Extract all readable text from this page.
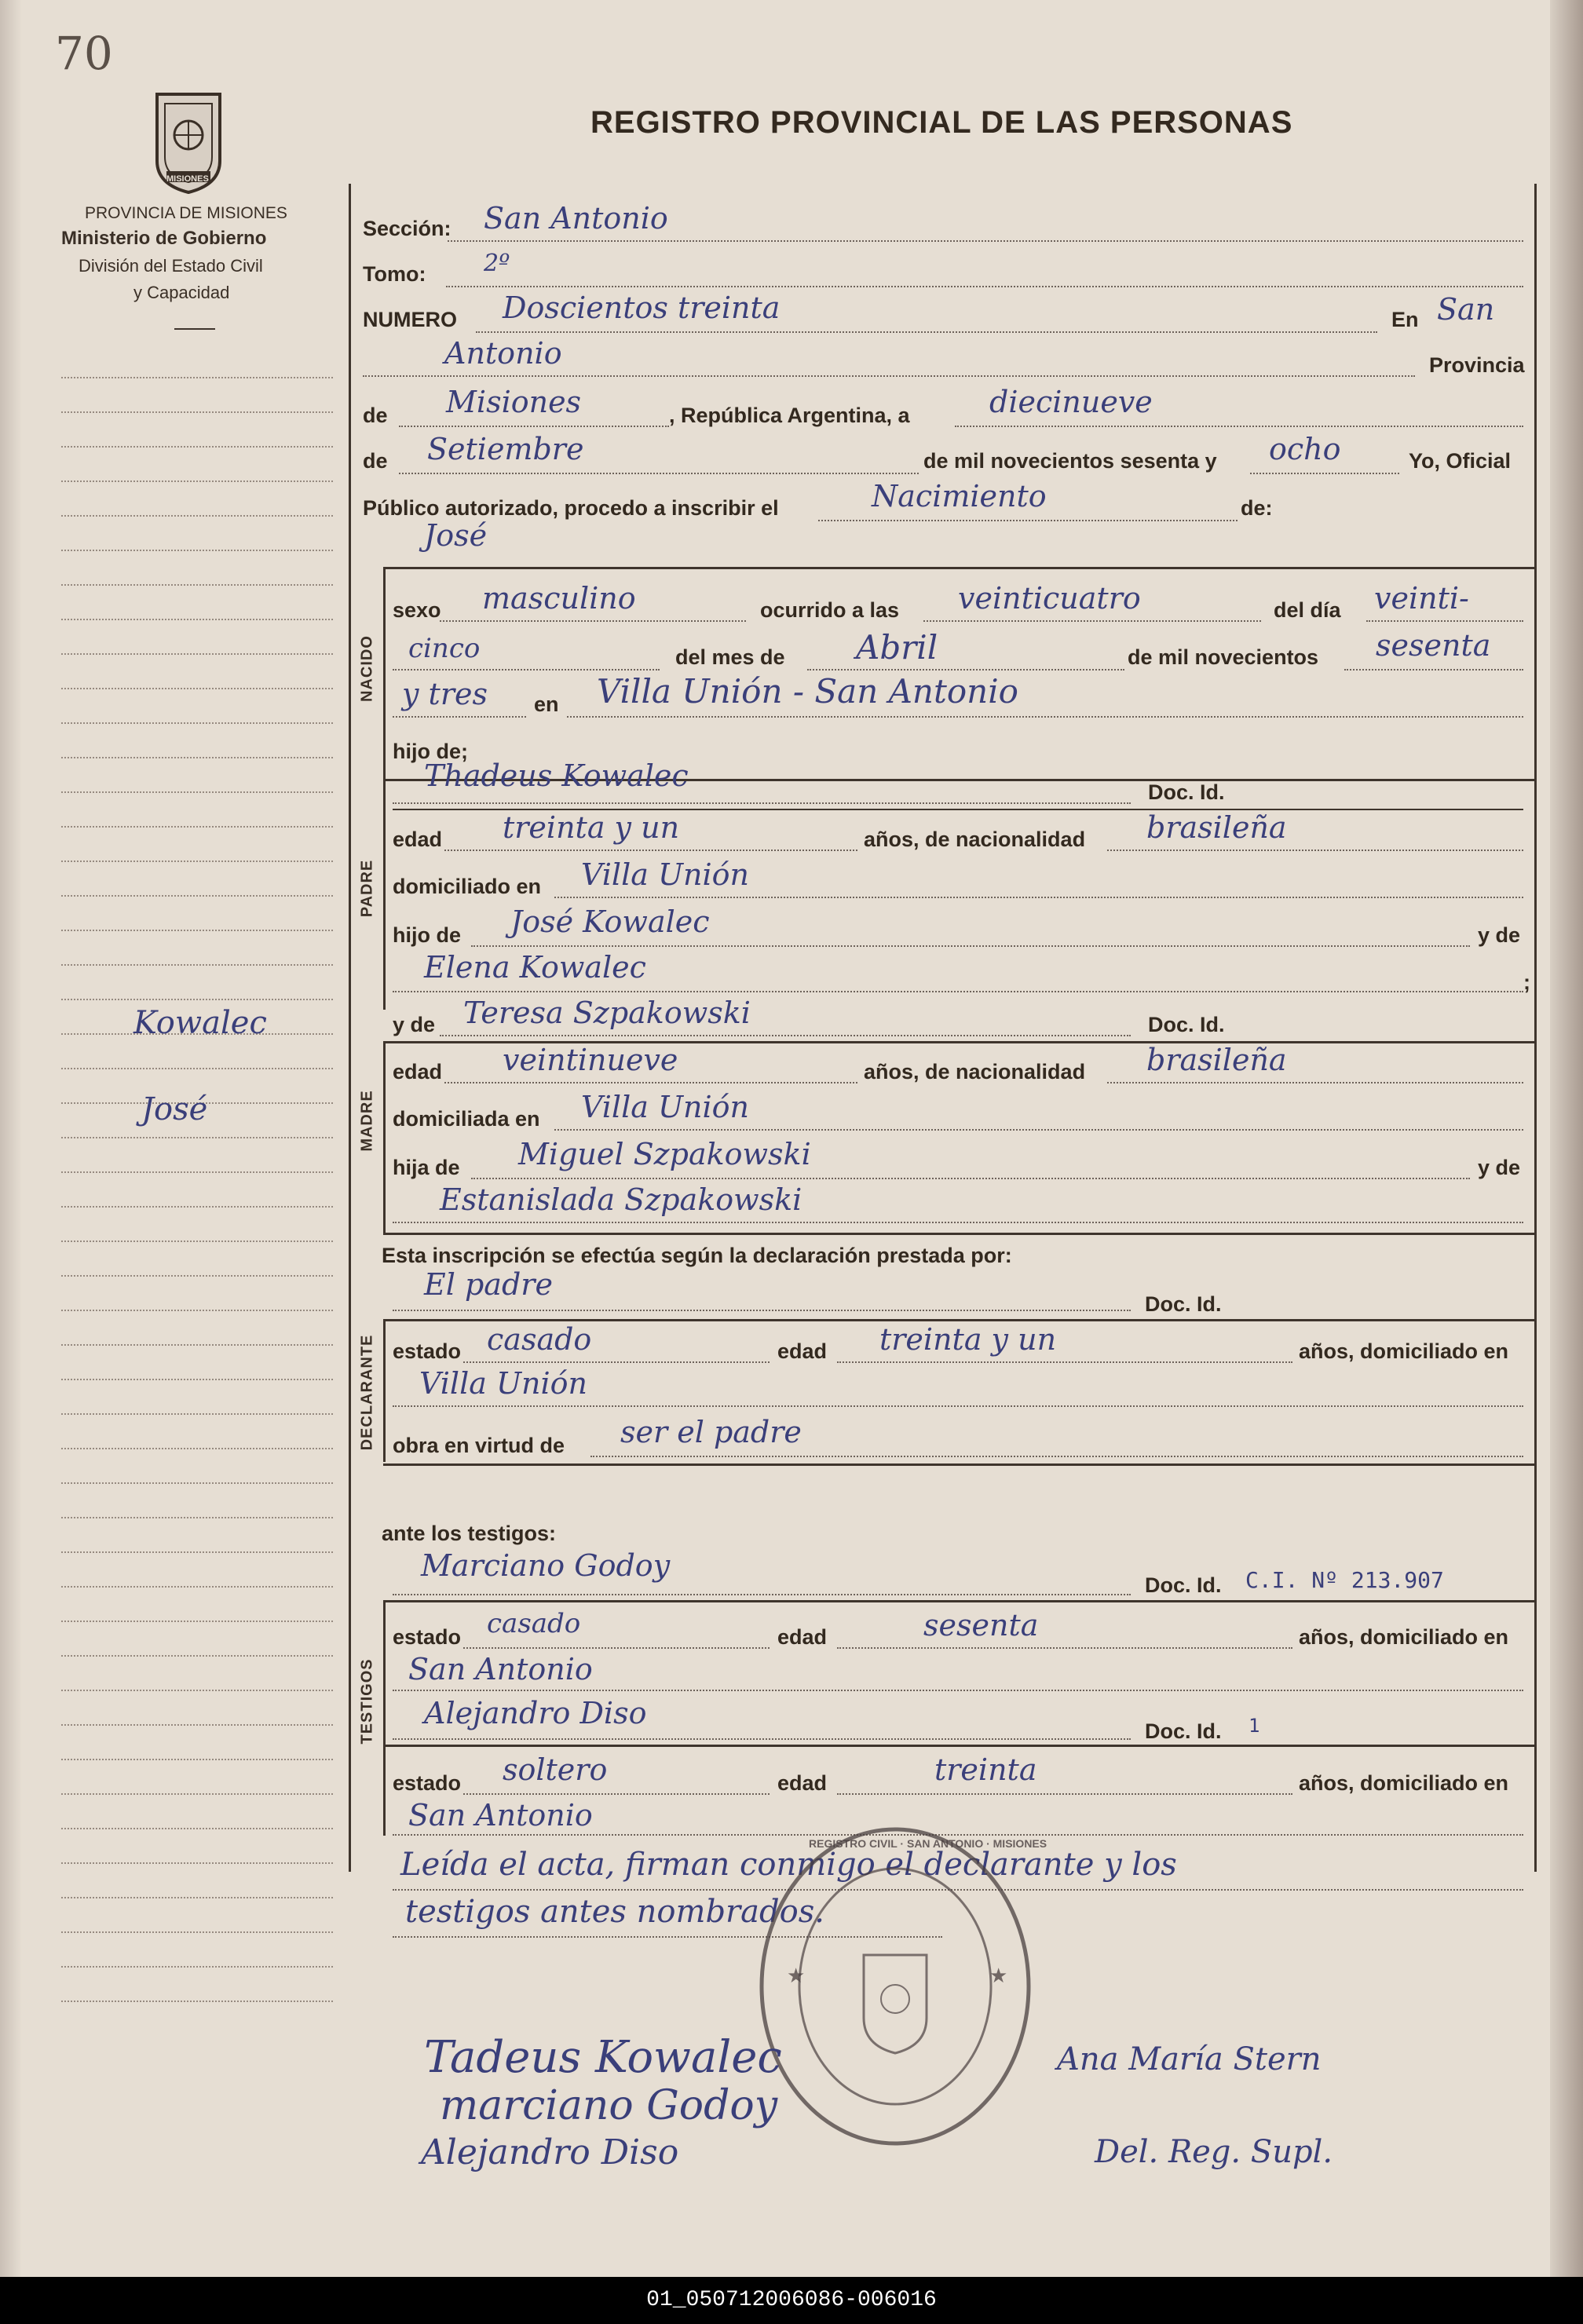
70
MISIONES
REGISTRO PROVINCIAL DE LAS PERSONAS
PROVINCIA DE MISIONES
Ministerio de Gobierno
División del Estado Civil
y Capacidad
Kowalec
José
Sección: San Antonio
Tomo: 2º
NUMERO Doscientos treinta	En San
Antonio	Provincia
de Misiones	, República Argentina, a	diecinueve
de Setiembre	de mil novecientos sesenta y ocho	Yo, Oficial
Público autorizado, procedo a inscribir el	Nacimiento	de:
NACIDO
José
sexo masculino	ocurrido a las veinticuatro	del día veinti-
cinco	del mes de Abril	de mil novecientos sesenta
y tres en Villa Unión - San Antonio
hijo de;
Thadeus Kowalec	Doc. Id.
PADRE
edad treinta y un	años, de nacionalidad brasileña
domiciliado en Villa Unión
hijo de José Kowalec	y de
Elena Kowalec	;
y de Teresa Szpakowski	Doc. Id.
MADRE
edad veintinueve	años, de nacionalidad brasileña
domiciliada en Villa Unión
hija de Miguel Szpakowski	y de
Estanislada Szpakowski
Esta inscripción se efectúa según la declaración prestada por:
El padre
Doc. Id.
DECLARANTE estado casado	edad treinta y un	años, domiciliado en
Villa Unión
obra en virtud de ser el padre
ante los testigos:
Marciano Godoy
Doc. Id. C.I. Nº 213.907
TESTIGOS
estado casado	edad	sesenta	años, domiciliado en
San Antonio
Alejandro Diso
Doc. Id. 1
estado soltero	edad	treinta	años, domiciliado en
San Antonio
Leída el acta, firman conmigo el declarante y los
testigos antes nombrados.
★
★
REGISTRO CIVIL · SAN ANTONIO · MISIONES
Tadeus Kowalec
marciano Godoy
Alejandro Diso
Ana María Stern
Del. Reg. Supl.
01_050712006086-006016
